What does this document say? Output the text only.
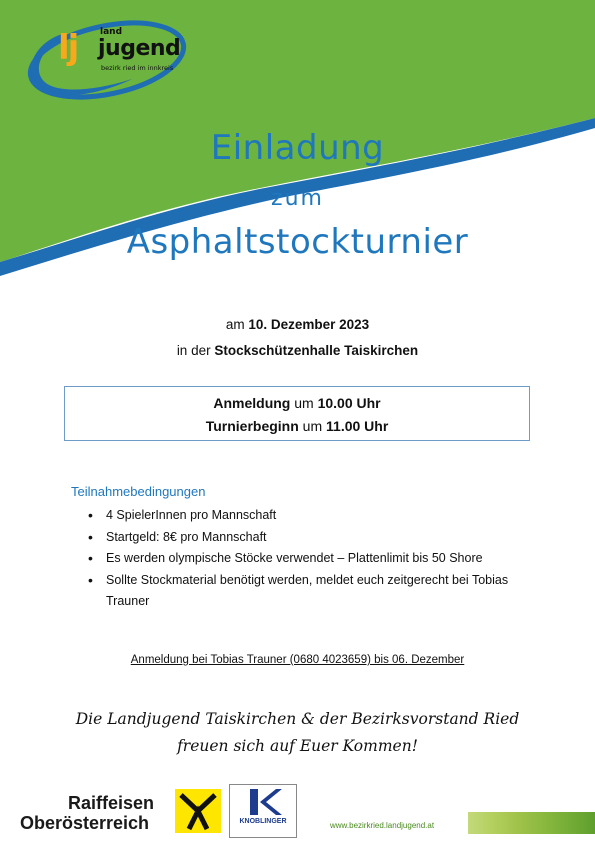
lj	land
jugend
bezirk ried im innkreis
Einladung
zum
Asphaltstockturnier
am 10. Dezember 2023
in der Stockschützenhalle Taiskirchen
Anmeldung um 10.00 Uhr
Turnierbeginn um 11.00 Uhr
Teilnahmebedingungen
• 4 SpielerInnen pro Mannschaft
• Startgeld: 8€ pro Mannschaft
• Es werden olympische Stöcke verwendet – Plattenlimit bis 50 Shore
• Sollte Stockmaterial benötigt werden, meldet euch zeitgerecht bei Tobias Trauner
Anmeldung bei Tobias Trauner (0680 4023659) bis 06. Dezember
Die Landjugend Taiskirchen & der Bezirksvorstand Ried
freuen sich auf Euer Kommen!
Raiffeisen
Oberösterreich	KNOBLINGER	www.bezirkried.landjugend.at
